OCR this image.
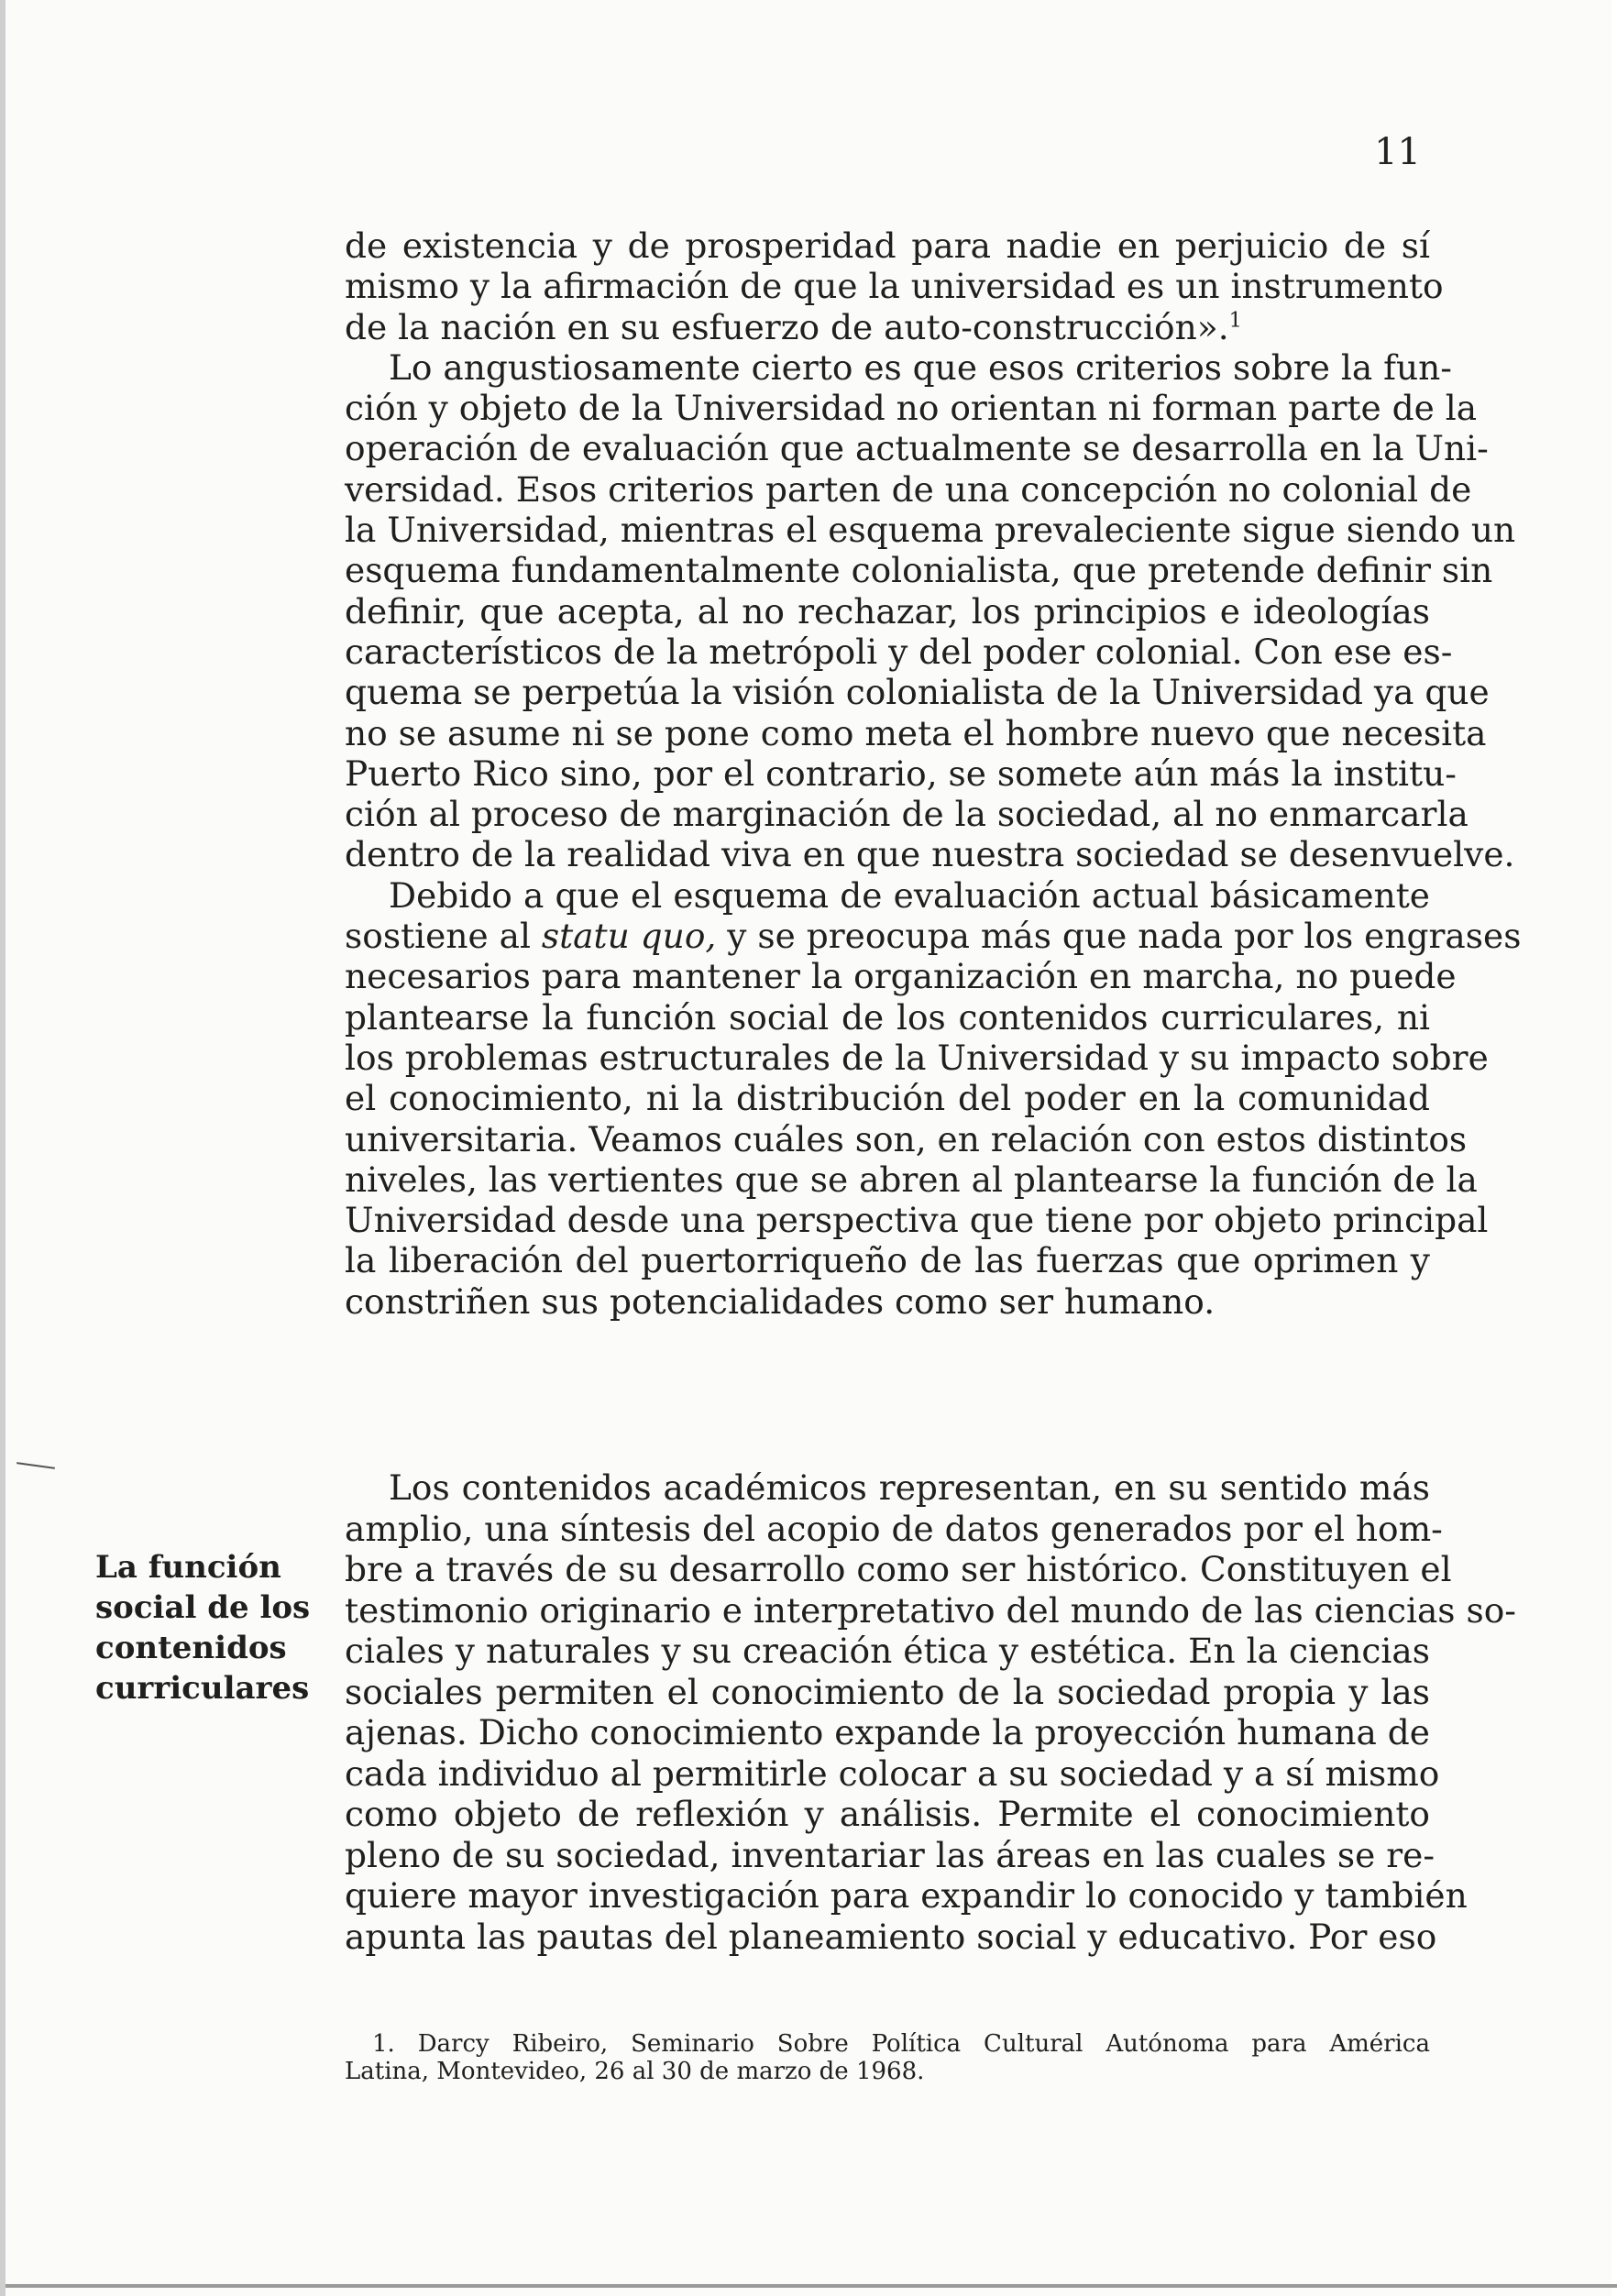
11
de existencia y de prosperidad para nadie en perjuicio de sí
mismo y la afirmación de que la universidad es un instrumento
de la nación en su esfuerzo de auto-construcción».$^1$
Lo angustiosamente cierto es que esos criterios sobre la fun-
ción y objeto de la Universidad no orientan ni forman parte de la
operación de evaluación que actualmente se desarrolla en la Uni-
versidad. Esos criterios parten de una concepción no colonial de
la Universidad, mientras el esquema prevaleciente sigue siendo un
esquema fundamentalmente colonialista, que pretende definir sin
definir, que acepta, al no rechazar, los principios e ideologías
característicos de la metrópoli y del poder colonial. Con ese es-
quema se perpetúa la visión colonialista de la Universidad ya que
no se asume ni se pone como meta el hombre nuevo que necesita
Puerto Rico sino, por el contrario, se somete aún más la institu-
ción al proceso de marginación de la sociedad, al no enmarcarla
dentro de la realidad viva en que nuestra sociedad se desenvuelve.
Debido a que el esquema de evaluación actual básicamente
sostiene al statu quo, y se preocupa más que nada por los engrases
necesarios para mantener la organización en marcha, no puede
plantearse la función social de los contenidos curriculares, ni
los problemas estructurales de la Universidad y su impacto sobre
el conocimiento, ni la distribución del poder en la comunidad
universitaria. Veamos cuáles son, en relación con estos distintos
niveles, las vertientes que se abren al plantearse la función de la
Universidad desde una perspectiva que tiene por objeto principal
la liberación del puertorriqueño de las fuerzas que oprimen y
constriñen sus potencialidades como ser humano.
La función
social de los
contenidos
curriculares
Los contenidos académicos representan, en su sentido más
amplio, una síntesis del acopio de datos generados por el hom-
bre a través de su desarrollo como ser histórico. Constituyen el
testimonio originario e interpretativo del mundo de las ciencias so-
ciales y naturales y su creación ética y estética. En la ciencias
sociales permiten el conocimiento de la sociedad propia y las
ajenas. Dicho conocimiento expande la proyección humana de
cada individuo al permitirle colocar a su sociedad y a sí mismo
como objeto de reflexión y análisis. Permite el conocimiento
pleno de su sociedad, inventariar las áreas en las cuales se re-
quiere mayor investigación para expandir lo conocido y también
apunta las pautas del planeamiento social y educativo. Por eso
1. Darcy Ribeiro, Seminario Sobre Política Cultural Autónoma para América
Latina, Montevideo, 26 al 30 de marzo de 1968.
